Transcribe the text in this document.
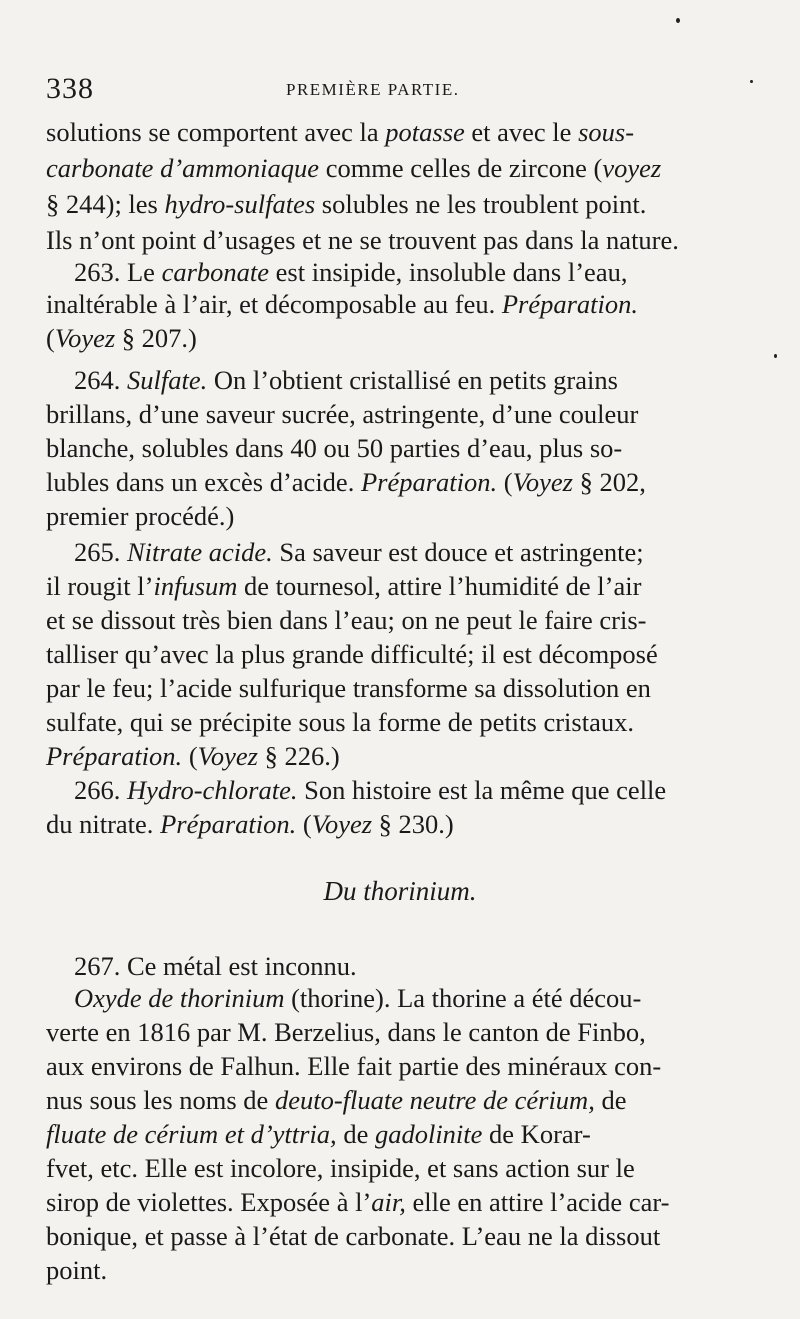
338	PREMIÈRE PARTIE.
solutions se comportent avec la potasse et avec le sous-
carbonate d’ammoniaque comme celles de zircone (voyez
§ 244); les hydro-sulfates solubles ne les troublent point.
Ils n’ont point d’usages et ne se trouvent pas dans la nature.
263. Le carbonate est insipide, insoluble dans l’eau,
inaltérable à l’air, et décomposable au feu. Préparation.
(Voyez § 207.)
264. Sulfate. On l’obtient cristallisé en petits grains
brillans, d’une saveur sucrée, astringente, d’une couleur
blanche, solubles dans 40 ou 50 parties d’eau, plus so-
lubles dans un excès d’acide. Préparation. (Voyez § 202,
premier procédé.)
265. Nitrate acide. Sa saveur est douce et astringente;
il rougit l’infusum de tournesol, attire l’humidité de l’air
et se dissout très bien dans l’eau; on ne peut le faire cris-
talliser qu’avec la plus grande difficulté; il est décomposé
par le feu; l’acide sulfurique transforme sa dissolution en
sulfate, qui se précipite sous la forme de petits cristaux.
Préparation. (Voyez § 226.)
266. Hydro-chlorate. Son histoire est la même que celle
du nitrate. Préparation. (Voyez § 230.)
267. Ce métal est inconnu.
Oxyde de thorinium (thorine). La thorine a été décou-
verte en 1816 par M. Berzelius, dans le canton de Finbo,
aux environs de Falhun. Elle fait partie des minéraux con-
nus sous les noms de deuto-fluate neutre de cérium, de
fluate de cérium et d’yttria, de gadolinite de Korar-
fvet, etc. Elle est incolore, insipide, et sans action sur le
sirop de violettes. Exposée à l’air, elle en attire l’acide car-
bonique, et passe à l’état de carbonate. L’eau ne la dissout
point.
Du thorinium.
